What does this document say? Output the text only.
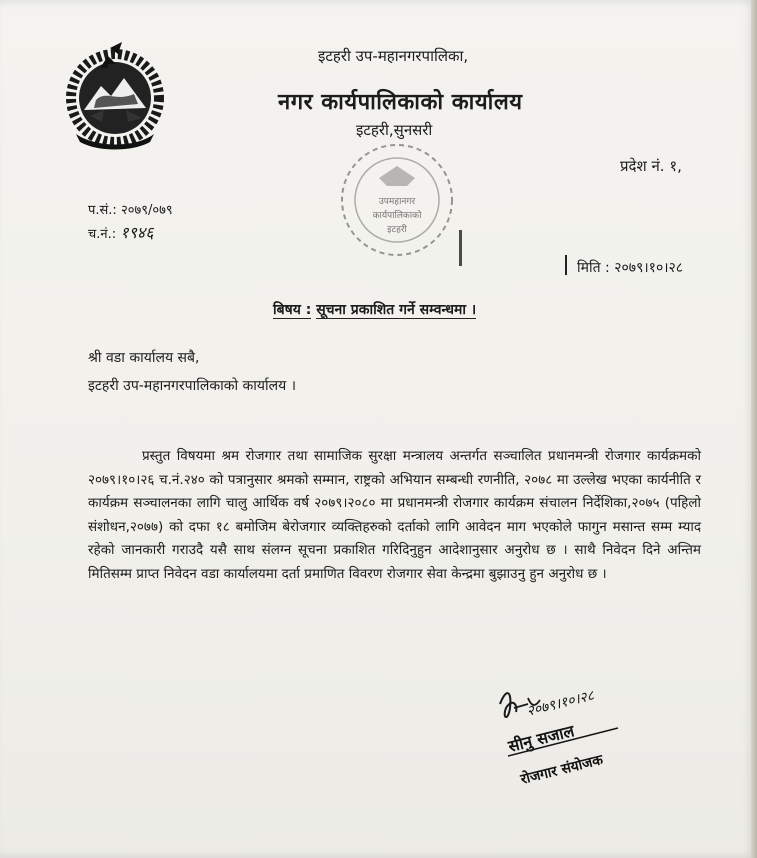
इटहरी उप-महानगरपालिका,
नगर कार्यपालिकाको कार्यालय
इटहरी,सुनसरी
प्रदेश नं. १,
उपमहानगर
कार्यपालिकाको
इटहरी
प.सं.: २०७९/०७९
च.नं.: १९४६
मिति : २०७९।१०।२८
बिषय : सूचना प्रकाशित गर्ने सम्वन्धमा ।
श्री वडा कार्यालय सबै,
इटहरी उप-महानगरपालिकाको कार्यालय ।
प्रस्तुत विषयमा श्रम रोजगार तथा सामाजिक सुरक्षा मन्त्रालय अन्तर्गत सञ्चालित प्रधानमन्त्री रोजगार कार्यक्रमको २०७९।१०।२६ च.नं.२४० को पत्रानुसार श्रमको सम्मान, राष्ट्रको अभियान सम्बन्धी रणनीति, २०७८ मा उल्लेख भएका कार्यनीति र कार्यक्रम सञ्चालनका लागि चालु आर्थिक वर्ष २०७९।२०८० मा प्रधानमन्त्री रोजगार कार्यक्रम संचालन निर्देशिका,२०७५ (पहिलो संशोधन,२०७७) को दफा १८ बमोजिम बेरोजगार व्यक्तिहरुको दर्ताको लागि आवेदन माग भएकोले फागुन मसान्त सम्म म्याद रहेको जानकारी गराउदै यसै साथ संलग्न सूचना प्रकाशित गरिदिनुहुन आदेशानुसार अनुरोध छ । साथै निवेदन दिने अन्तिम मितिसम्म प्राप्त निवेदन वडा कार्यालयमा दर्ता प्रमाणित विवरण रोजगार सेवा केन्द्रमा बुझाउनु हुन अनुरोध छ ।
२०७९।१०।२८
सीनु सजाल
रोजगार संयोजक
